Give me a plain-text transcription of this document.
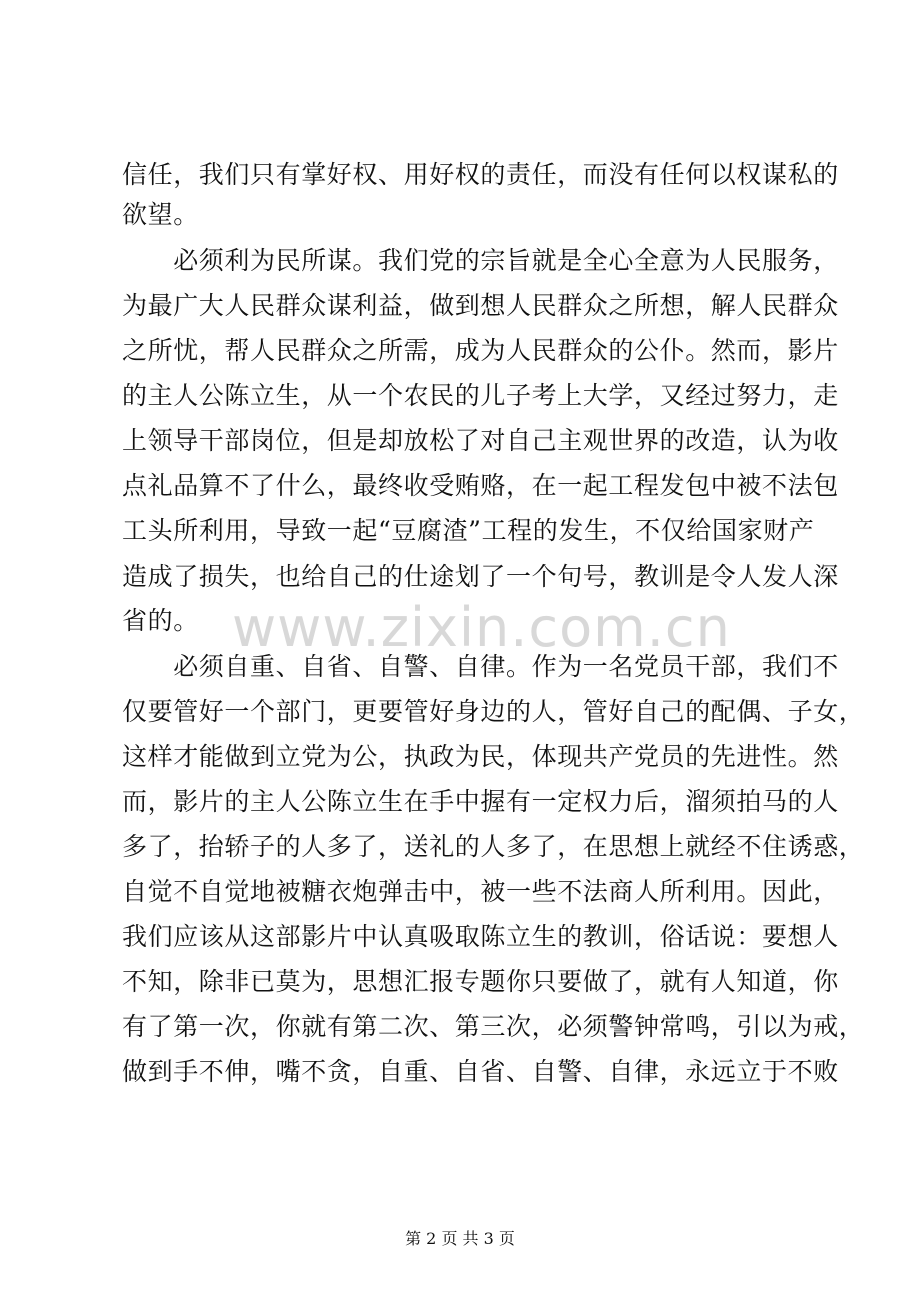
www.zixin.com.cn
信任，我们只有掌好权、用好权的责任，而没有任何以权谋私的
欲望。
　　必须利为民所谋。我们党的宗旨就是全心全意为人民服务，
为最广大人民群众谋利益，做到想人民群众之所想，解人民群众
之所忧，帮人民群众之所需，成为人民群众的公仆。然而，影片
的主人公陈立生，从一个农民的儿子考上大学，又经过努力，走
上领导干部岗位，但是却放松了对自己主观世界的改造，认为收
点礼品算不了什么，最终收受贿赂，在一起工程发包中被不法包
工头所利用，导致一起“豆腐渣”工程的发生，不仅给国家财产
造成了损失，也给自己的仕途划了一个句号，教训是令人发人深
省的。
　　必须自重、自省、自警、自律。作为一名党员干部，我们不
仅要管好一个部门，更要管好身边的人，管好自己的配偶、子女，
这样才能做到立党为公，执政为民，体现共产党员的先进性。然
而，影片的主人公陈立生在手中握有一定权力后，溜须拍马的人
多了，抬轿子的人多了，送礼的人多了，在思想上就经不住诱惑，
自觉不自觉地被糖衣炮弹击中，被一些不法商人所利用。因此，
我们应该从这部影片中认真吸取陈立生的教训，俗话说：要想人
不知，除非已莫为，思想汇报专题你只要做了，就有人知道，你
有了第一次，你就有第二次、第三次，必须警钟常鸣，引以为戒，
做到手不伸，嘴不贪，自重、自省、自警、自律，永远立于不败
第 2 页 共 3 页
